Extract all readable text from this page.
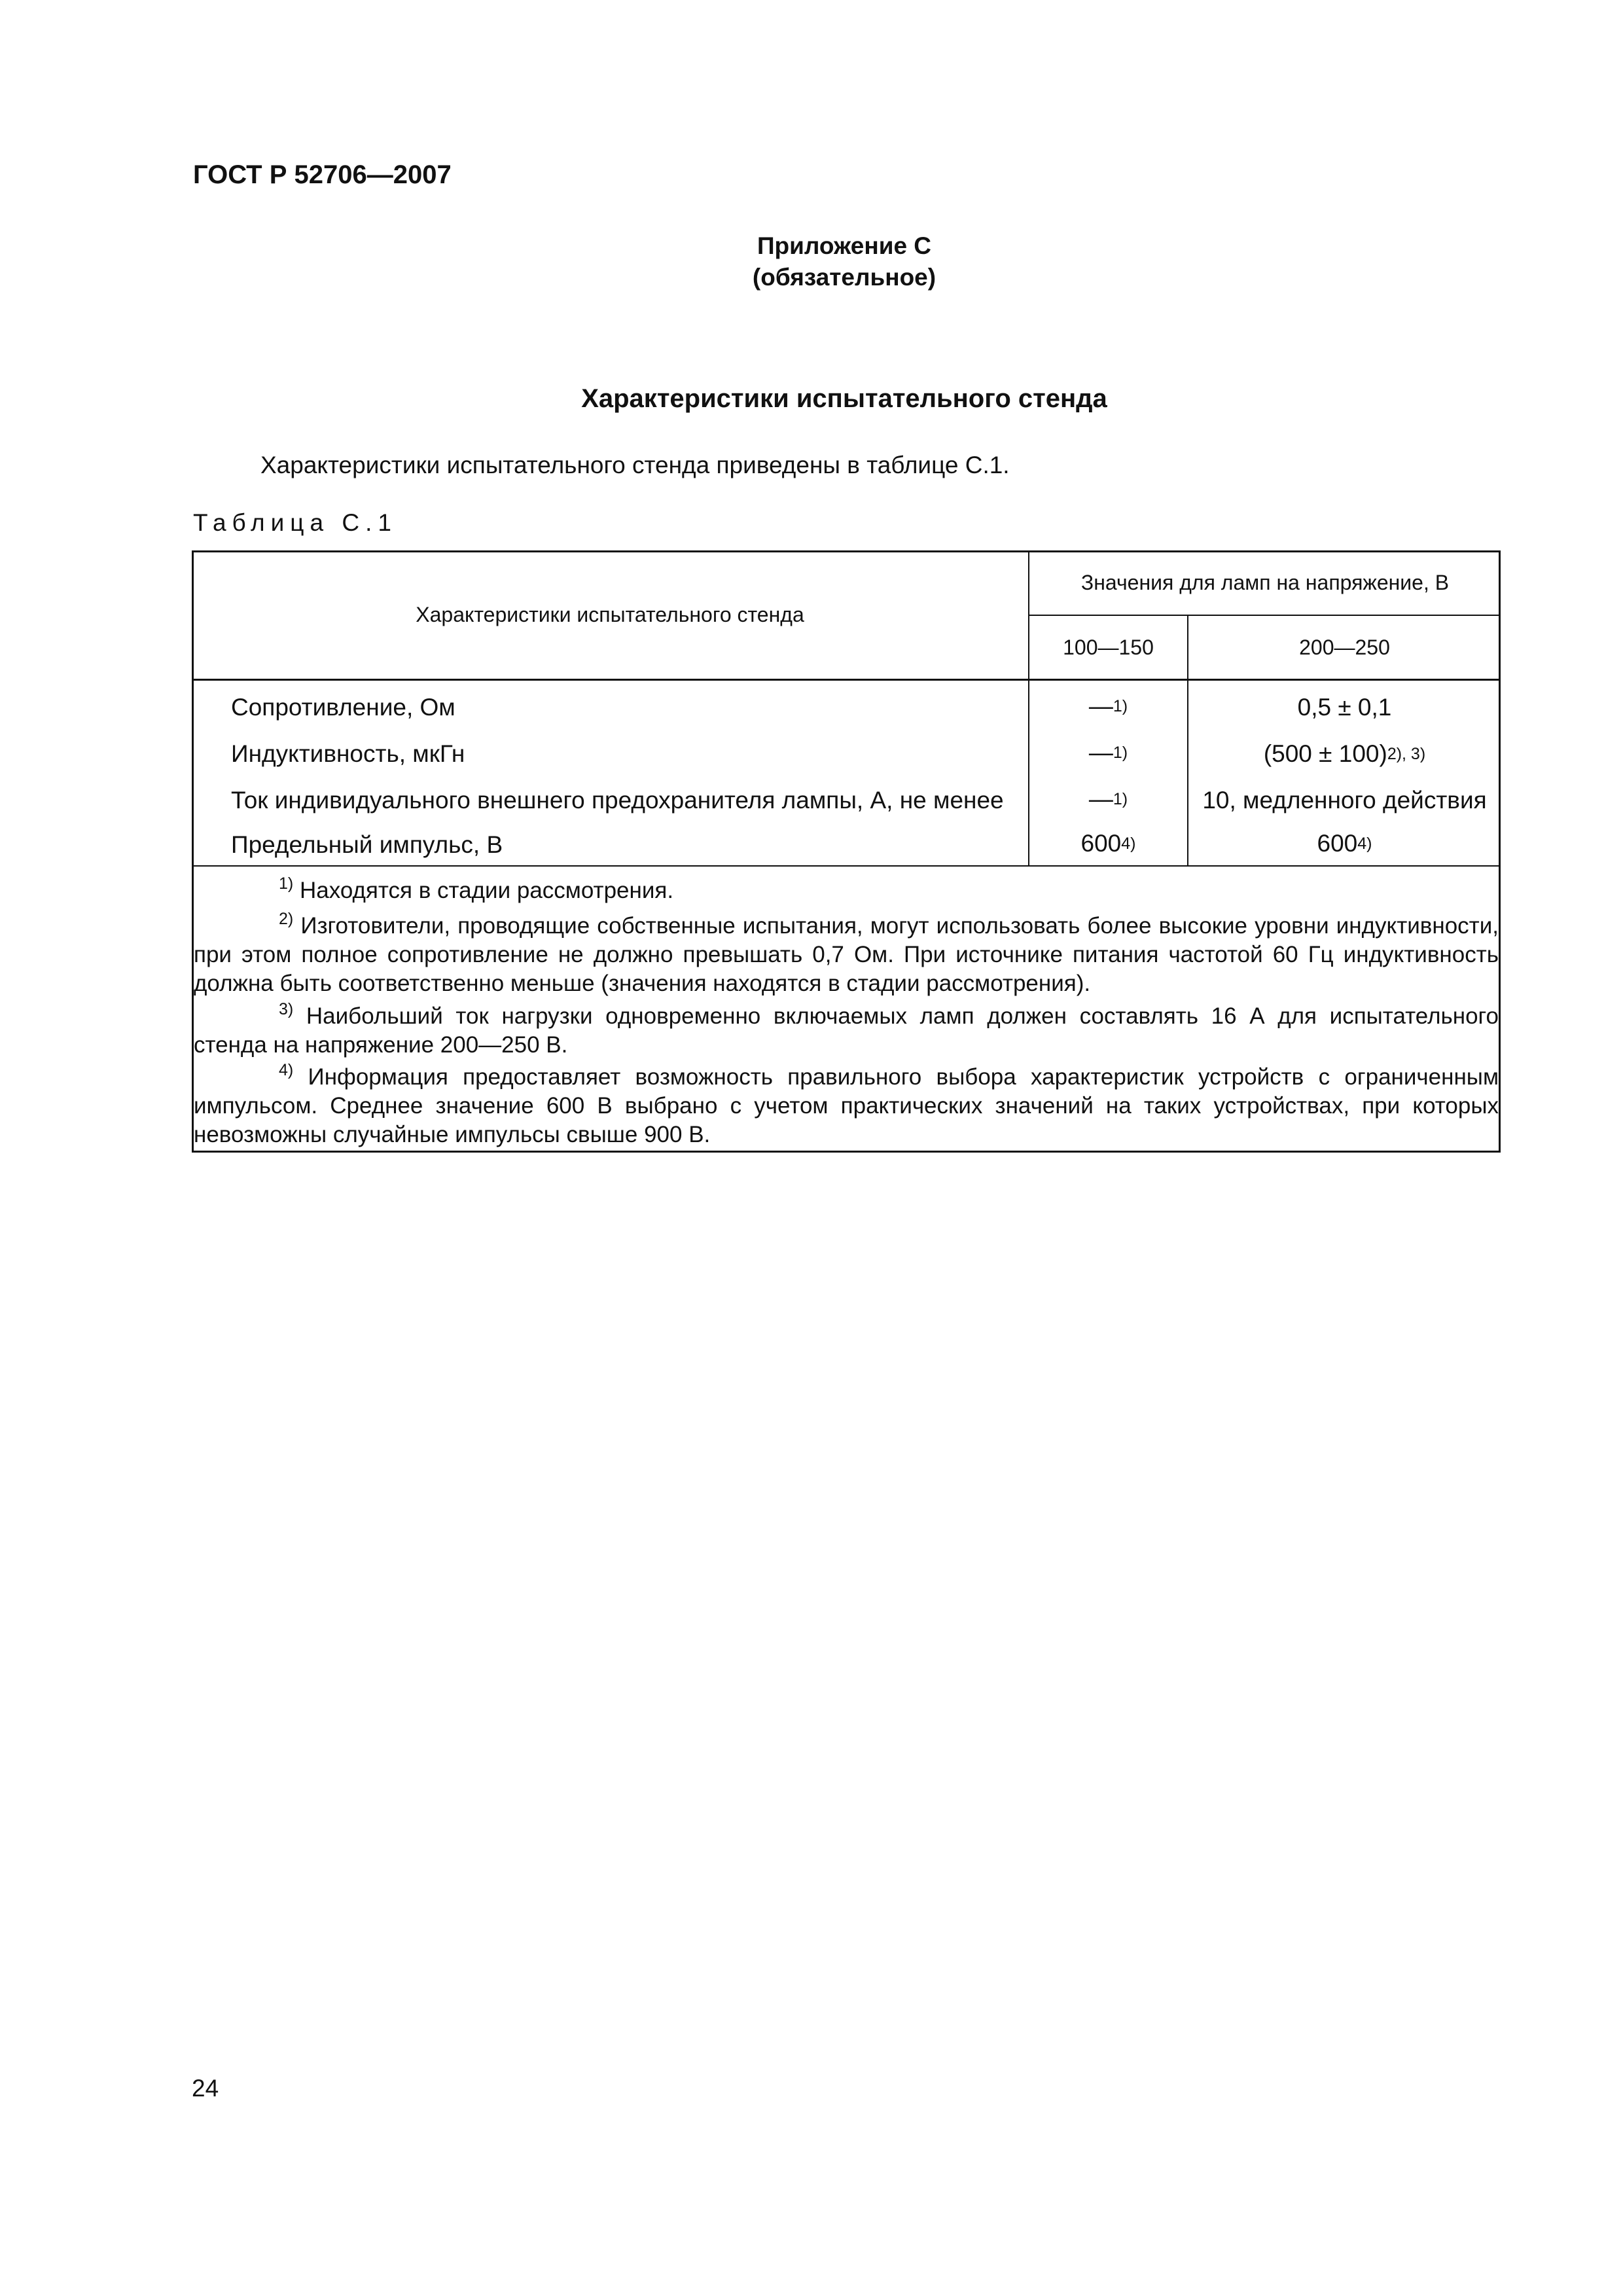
ГОСТ Р 52706—2007
Приложение С
(обязательное)
Характеристики испытательного стенда
Характеристики испытательного стенда приведены в таблице С.1.
Таблица С.1
Характеристики испытательного стенда
Значения для ламп на напряжение, В
100—150	200—250
Сопротивление, Ом	— 1)	0,5 ± 0,1
Индуктивность, мкГн	— 1)	(500 ± 100) 2), 3)
Ток индивидуального внешнего предохранителя лампы, А, не менее	— 1)	10, медленного действия
Предельный импульс, В	600 4)	600 4)
$^{1)}$ Находятся в стадии рассмотрения.
$^{2)}$ Изготовители, проводящие собственные испытания, могут использовать более высокие уровни индуктивности, при этом полное сопротивление не должно превышать 0,7 Ом. При источнике питания частотой 60 Гц индуктивность должна быть соответственно меньше (значения находятся в стадии рассмотрения).
$^{3)}$ Наибольший ток нагрузки одновременно включаемых ламп должен составлять 16 А для испытательного стенда на напряжение 200—250 В.
$^{4)}$ Информация предоставляет возможность правильного выбора характеристик устройств с ограниченным импульсом. Среднее значение 600 В выбрано с учетом практических значений на таких устройствах, при которых невозможны случайные импульсы свыше 900 В.
24
